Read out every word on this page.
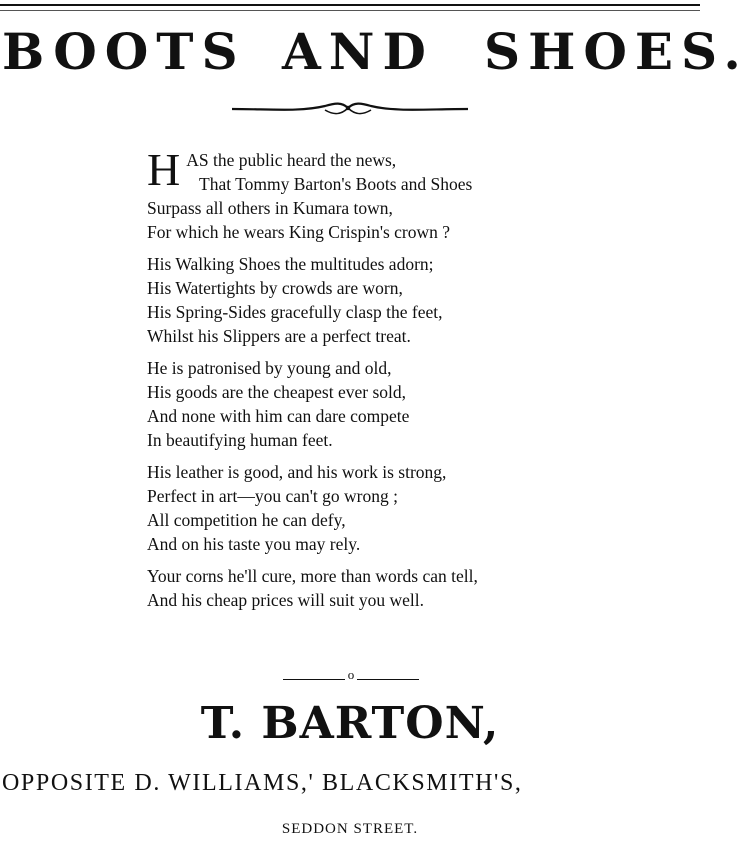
BOOTS AND SHOES.
H AS the public heard the news,
That Tommy Barton's Boots and Shoes
Surpass all others in Kumara town,
For which he wears King Crispin's crown ?
His Walking Shoes the multitudes adorn;
His Watertights by crowds are worn,
His Spring-Sides gracefully clasp the feet,
Whilst his Slippers are a perfect treat.
He is patronised by young and old,
His goods are the cheapest ever sold,
And none with him can dare compete
In beautifying human feet.
His leather is good, and his work is strong,
Perfect in art—you can't go wrong ;
All competition he can defy,
And on his taste you may rely.
Your corns he'll cure, more than words can tell,
And his cheap prices will suit you well.
o
T. BARTON,
OPPOSITE D. WILLIAMS,' BLACKSMITH'S,
SEDDON STREET.
